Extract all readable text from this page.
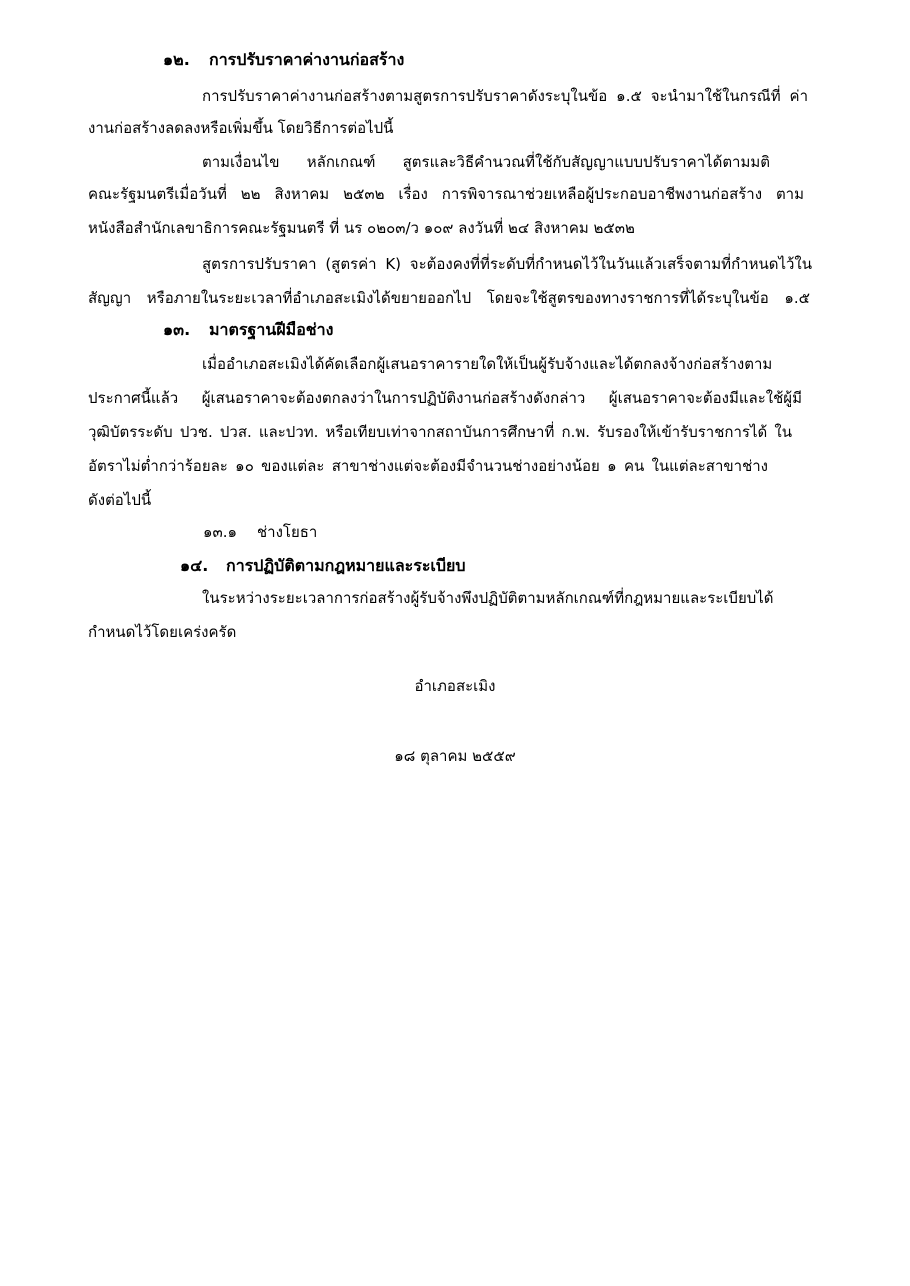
๑๒. การปรับราคาค่างานก่อสร้าง
การปรับราคาค่างานก่อสร้างตามสูตรการปรับราคาดังระบุในข้อ ๑.๕ จะนำมาใช้ในกรณีที่ ค่า
งานก่อสร้างลดลงหรือเพิ่มขึ้น โดยวิธีการต่อไปนี้
ตามเงื่อนไข หลักเกณฑ์ สูตรและวิธีคำนวณที่ใช้กับสัญญาแบบปรับราคาได้ตามมติ
คณะรัฐมนตรีเมื่อวันที่ ๒๒ สิงหาคม ๒๕๓๒ เรื่อง การพิจารณาช่วยเหลือผู้ประกอบอาชีพงานก่อสร้าง ตาม
หนังสือสำนักเลขาธิการคณะรัฐมนตรี ที่ นร ๐๒๐๓/ว ๑๐๙ ลงวันที่ ๒๔ สิงหาคม ๒๕๓๒
สูตรการปรับราคา (สูตรค่า K) จะต้องคงที่ที่ระดับที่กำหนดไว้ในวันแล้วเสร็จตามที่กำหนดไว้ใน
สัญญา หรือภายในระยะเวลาที่อำเภอสะเมิงได้ขยายออกไป โดยจะใช้สูตรของทางราชการที่ได้ระบุในข้อ ๑.๕
๑๓. มาตรฐานฝีมือช่าง
เมื่ออำเภอสะเมิงได้คัดเลือกผู้เสนอราคารายใดให้เป็นผู้รับจ้างและได้ตกลงจ้างก่อสร้างตาม
ประกาศนี้แล้ว ผู้เสนอราคาจะต้องตกลงว่าในการปฏิบัติงานก่อสร้างดังกล่าว ผู้เสนอราคาจะต้องมีและใช้ผู้มี
วุฒิบัตรระดับ ปวช. ปวส. และปวท. หรือเทียบเท่าจากสถาบันการศึกษาที่ ก.พ. รับรองให้เข้ารับราชการได้ ใน
อัตราไม่ต่ำกว่าร้อยละ ๑๐ ของแต่ละ สาขาช่างแต่จะต้องมีจำนวนช่างอย่างน้อย ๑ คน ในแต่ละสาขาช่าง
ดังต่อไปนี้
๑๓.๑ ช่างโยธา
๑๔. การปฏิบัติตามกฎหมายและระเบียบ
ในระหว่างระยะเวลาการก่อสร้างผู้รับจ้างพึงปฏิบัติตามหลักเกณฑ์ที่กฎหมายและระเบียบได้
กำหนดไว้โดยเคร่งครัด
อำเภอสะเมิง
๑๘ ตุลาคม ๒๕๕๙
